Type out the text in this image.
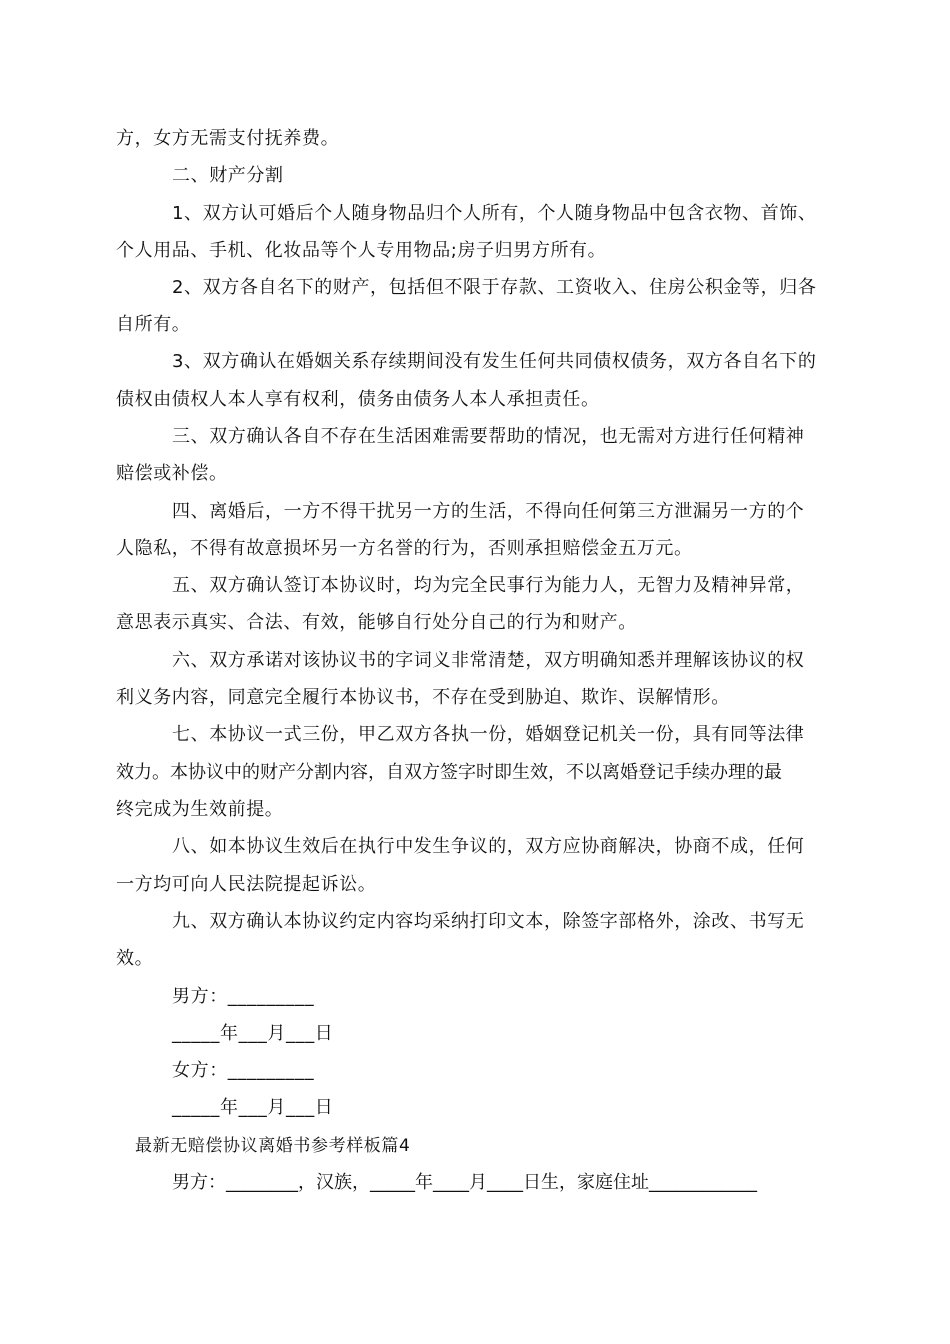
方，女方无需支付抚养费。
二、财产分割
1、双方认可婚后个人随身物品归个人所有，个人随身物品中包含衣物、首饰、
个人用品、手机、化妆品等个人专用物品;房子归男方所有。
2、双方各自名下的财产，包括但不限于存款、工资收入、住房公积金等，归各
自所有。
3、双方确认在婚姻关系存续期间没有发生任何共同债权债务，双方各自名下的
债权由债权人本人享有权利，债务由债务人本人承担责任。
三、双方确认各自不存在生活困难需要帮助的情况，也无需对方进行任何精神
赔偿或补偿。
四、离婚后，一方不得干扰另一方的生活，不得向任何第三方泄漏另一方的个
人隐私，不得有故意损坏另一方名誉的行为，否则承担赔偿金五万元。
五、双方确认签订本协议时，均为完全民事行为能力人，无智力及精神异常，
意思表示真实、合法、有效，能够自行处分自己的行为和财产。
六、双方承诺对该协议书的字词义非常清楚，双方明确知悉并理解该协议的权
利义务内容，同意完全履行本协议书，不存在受到胁迫、欺诈、误解情形。
七、本协议一式三份，甲乙双方各执一份，婚姻登记机关一份，具有同等法律
效力。本协议中的财产分割内容，自双方签字时即生效，不以离婚登记手续办理的最
终完成为生效前提。
八、如本协议生效后在执行中发生争议的，双方应协商解决，协商不成，任何
一方均可向人民法院提起诉讼。
九、双方确认本协议约定内容均采纳打印文本，除签字部格外，涂改、书写无
效。
男方：_________
_____年___月___日
女方：_________
_____年___月___日
最新无赔偿协议离婚书参考样板篇4
男方：________，汉族，_____年____月____日生，家庭住址____________
